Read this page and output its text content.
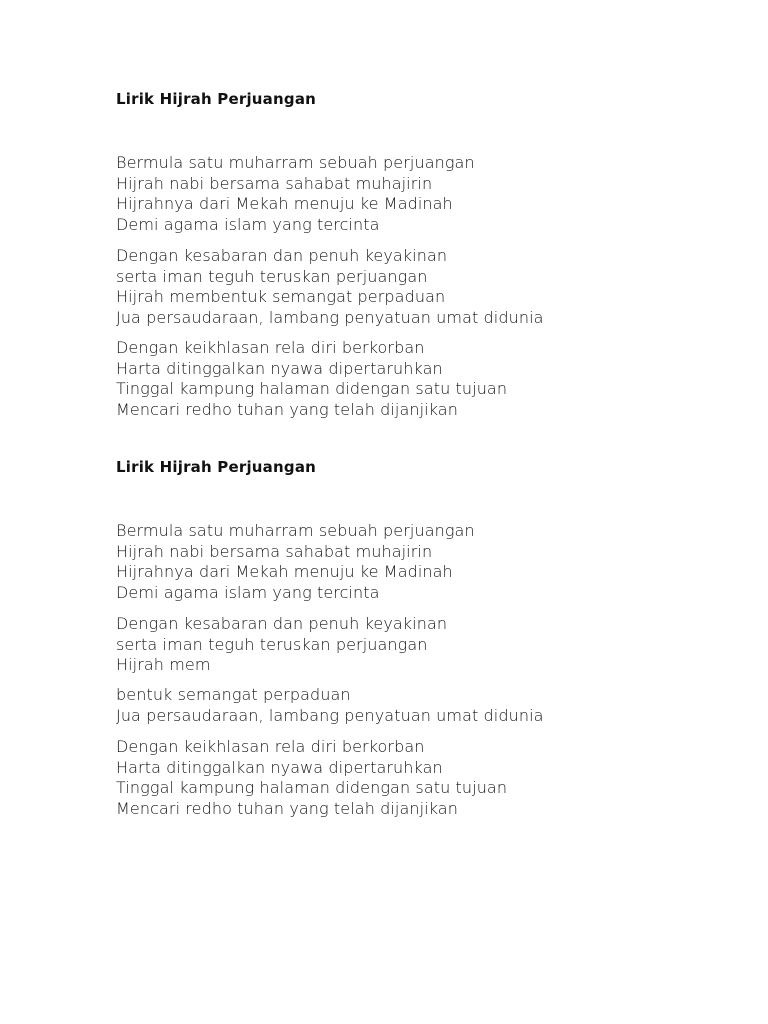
Lirik Hijrah Perjuangan
Bermula satu muharram sebuah perjuangan
Hijrah nabi bersama sahabat muhajirin
Hijrahnya dari Mekah menuju ke Madinah
Demi agama islam yang tercinta
Dengan kesabaran dan penuh keyakinan
serta iman teguh teruskan perjuangan
Hijrah membentuk semangat perpaduan
Jua persaudaraan, lambang penyatuan umat didunia
Dengan keikhlasan rela diri berkorban
Harta ditinggalkan nyawa dipertaruhkan
Tinggal kampung halaman didengan satu tujuan
Mencari redho tuhan yang telah dijanjikan
Lirik Hijrah Perjuangan
Bermula satu muharram sebuah perjuangan
Hijrah nabi bersama sahabat muhajirin
Hijrahnya dari Mekah menuju ke Madinah
Demi agama islam yang tercinta
Dengan kesabaran dan penuh keyakinan
serta iman teguh teruskan perjuangan
Hijrah mem
bentuk semangat perpaduan
Jua persaudaraan, lambang penyatuan umat didunia
Dengan keikhlasan rela diri berkorban
Harta ditinggalkan nyawa dipertaruhkan
Tinggal kampung halaman didengan satu tujuan
Mencari redho tuhan yang telah dijanjikan
